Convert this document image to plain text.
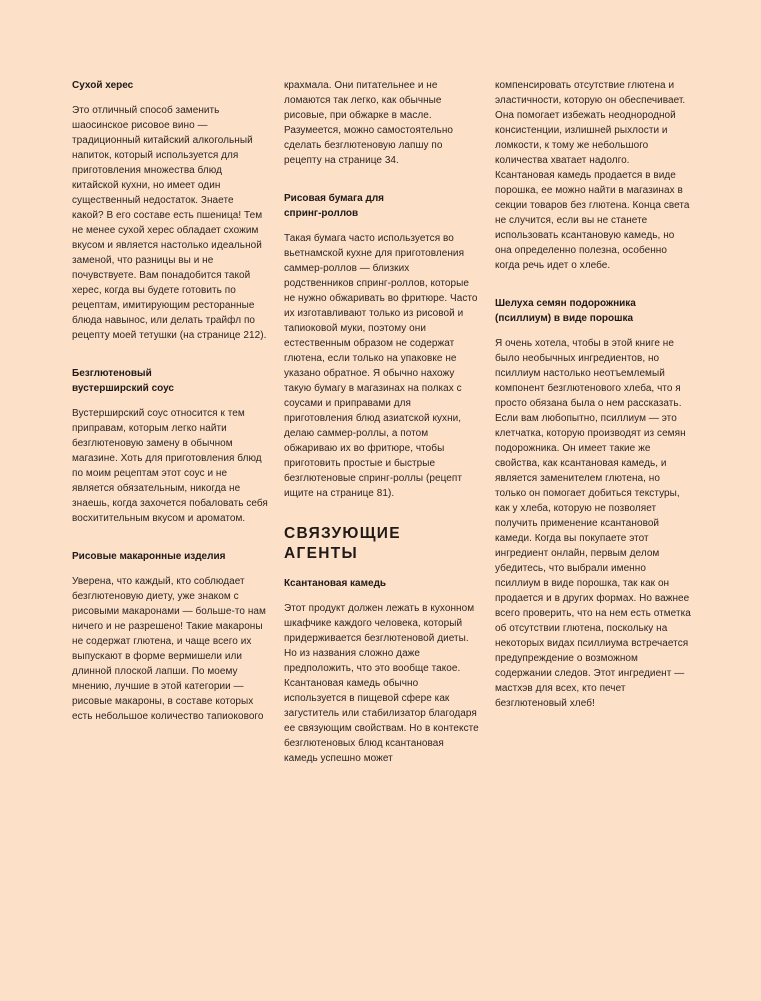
Сухой херес

Это отличный способ заменить шаосинское рисовое вино — традиционный китайский алкогольный напиток, который используется для приготовления множества блюд китайской кухни, но имеет один существенный недостаток. Знаете какой? В его составе есть пшеница! Тем не менее сухой херес обладает схожим вкусом и является настолько идеальной заменой, что разницы вы и не почувствуете. Вам понадобится такой херес, когда вы будете готовить по рецептам, имитирующим ресторанные блюда навынос, или делать трайфл по рецепту моей тетушки (на странице 212).

Безглютеновый вустерширский соус

Вустерширский соус относится к тем приправам, которым легко найти безглютеновую замену в обычном магазине. Хоть для приготовления блюд по моим рецептам этот соус и не является обязательным, никогда не знаешь, когда захочется побаловать себя восхитительным вкусом и ароматом.

Рисовые макаронные изделия

Уверена, что каждый, кто соблюдает безглютеновую диету, уже знаком с рисовыми макаронами — больше-то нам ничего и не разрешено! Такие макароны не содержат глютена, и чаще всего их выпускают в форме вермишели или длинной плоской лапши. По моему мнению, лучшие в этой категории — рисовые макароны, в составе которых есть небольшое количество тапиокового

крахмала. Они питательнее и не ломаются так легко, как обычные рисовые, при обжарке в масле. Разумеется, можно самостоятельно сделать безглютеновую лапшу по рецепту на странице 34.

Рисовая бумага для спринг-роллов

Такая бумага часто используется во вьетнамской кухне для приготовления саммер-роллов — близких родственников спринг-роллов, которые не нужно обжаривать во фритюре. Часто их изготавливают только из рисовой и тапиоковой муки, поэтому они естественным образом не содержат глютена, если только на упаковке не указано обратное. Я обычно нахожу такую бумагу в магазинах на полках с соусами и приправами для приготовления блюд азиатской кухни, делаю саммер-роллы, а потом обжариваю их во фритюре, чтобы приготовить простые и быстрые безглютеновые спринг-роллы (рецепт ищите на странице 81).

СВЯЗУЮЩИЕ АГЕНТЫ
Ксантановая камедь

Этот продукт должен лежать в кухонном шкафчике каждого человека, который придерживается безглютеновой диеты. Но из названия сложно даже предположить, что это вообще такое. Ксантановая камедь обычно используется в пищевой сфере как загуститель или стабилизатор благодаря ее связующим свойствам. Но в контексте безглютеновых блюд ксантановая камедь успешно может

компенсировать отсутствие глютена и эластичности, которую он обеспечивает. Она помогает избежать неоднородной консистенции, излишней рыхлости и ломкости, к тому же небольшого количества хватает надолго. Ксантановая камедь продается в виде порошка, ее можно найти в магазинах в секции товаров без глютена. Конца света не случится, если вы не станете использовать ксантановую камедь, но она определенно полезна, особенно когда речь идет о хлебе.

Шелуха семян подорожника (псиллиум) в виде порошка

Я очень хотела, чтобы в этой книге не было необычных ингредиентов, но псиллиум настолько неотъемлемый компонент безглютенового хлеба, что я просто обязана была о нем рассказать. Если вам любопытно, псиллиум — это клетчатка, которую производят из семян подорожника. Он имеет такие же свойства, как ксантановая камедь, и является заменителем глютена, но только он помогает добиться текстуры, как у хлеба, которую не позволяет получить применение ксантановой камеди. Когда вы покупаете этот ингредиент онлайн, первым делом убедитесь, что выбрали именно псиллиум в виде порошка, так как он продается и в других формах. Но важнее всего проверить, что на нем есть отметка об отсутствии глютена, поскольку на некоторых видах псиллиума встречается предупреждение о возможном содержании следов. Этот ингредиент — мастхэв для всех, кто печет безглютеновый хлеб!
